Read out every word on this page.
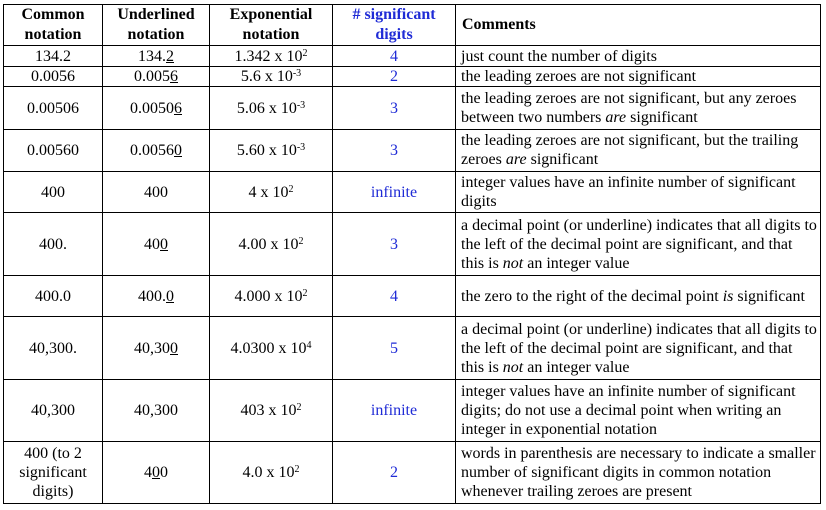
Common notation	Underlined notation	Exponential notation	# significant digits	Comments
134.2	134.2	1.342 x $10^2$	4	just count the number of digits
0.0056	0.0056	5.6 x $10^{-3}$	2	the leading zeroes are not significant
0.00506	0.00506	5.06 x $10^{-3}$	3	the leading zeroes are not significant, but any zeroes between two numbers are significant
0.00560	0.00560	5.60 x $10^{-3}$	3	the leading zeroes are not significant, but the trailing zeroes are significant
400	400	4 x $10^2$	infinite	integer values have an infinite number of significant digits
400.	400	4.00 x $10^2$	3	a decimal point (or underline) indicates that all digits to the left of the decimal point are significant, and that this is not an integer value
400.0	400.0	4.000 x $10^2$	4	the zero to the right of the decimal point is significant
40,300.	40,300	4.0300 x $10^4$	5	a decimal point (or underline) indicates that all digits to the left of the decimal point are significant, and that this is not an integer value
40,300	40,300	403 x $10^2$	infinite	integer values have an infinite number of significant digits; do not use a decimal point when writing an integer in exponential notation
400 (to 2 significant digits)	400	4.0 x $10^2$	2	words in parenthesis are necessary to indicate a smaller number of significant digits in common notation whenever trailing zeroes are present
